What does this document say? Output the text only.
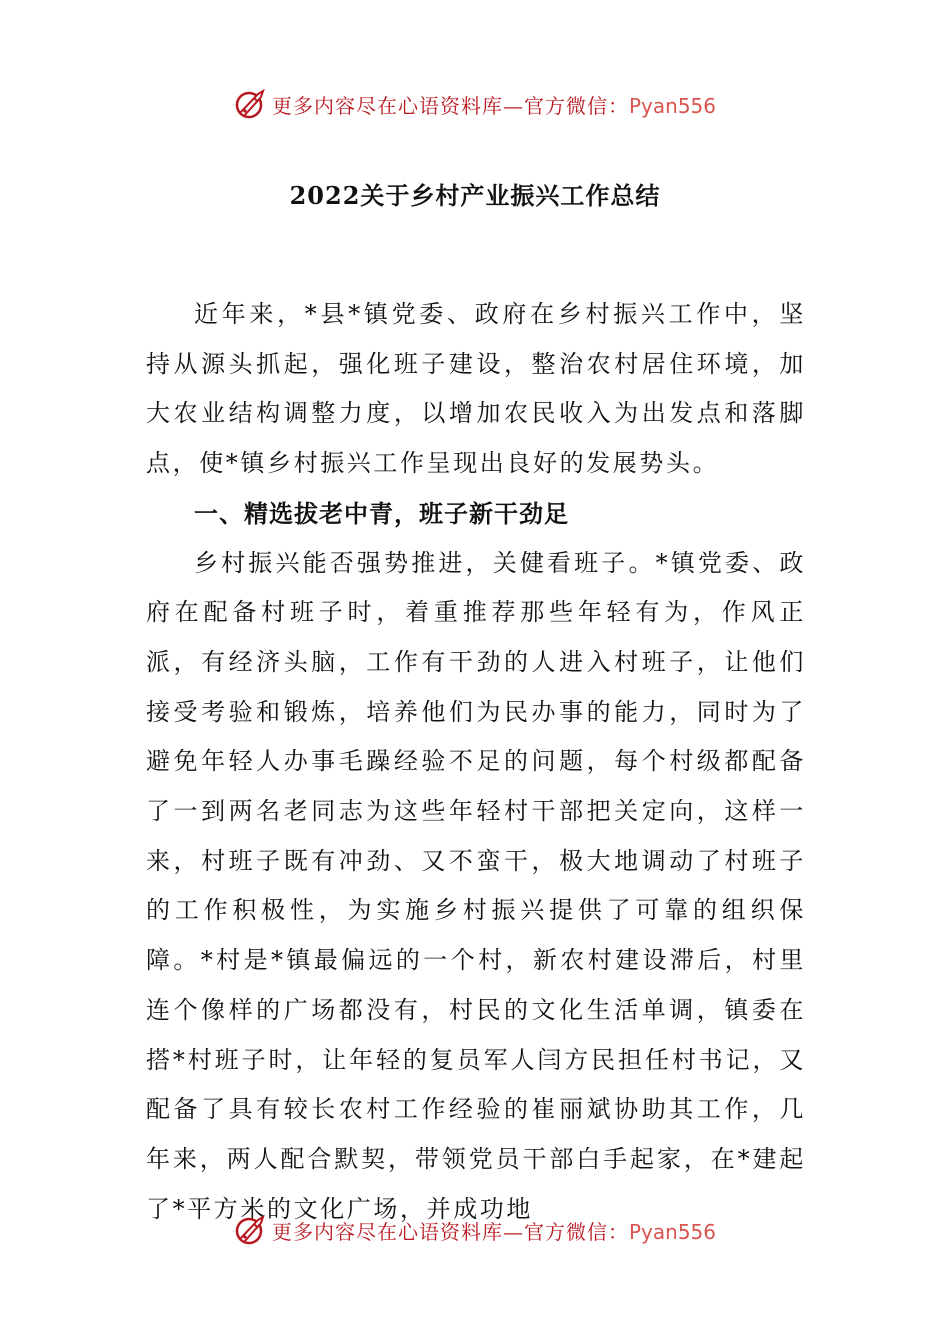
更多内容尽在心语资料库—官方微信：Pyan556
2022关于乡村产业振兴工作总结

近年来，*县*镇党委、政府在乡村振兴工作中，坚持从源头抓起，强化班子建设，整治农村居住环境，加大农业结构调整力度，以增加农民收入为出发点和落脚点，使*镇乡村振兴工作呈现出良好的发展势头。

一、精选拔老中青，班子新干劲足

乡村振兴能否强势推进，关健看班子。*镇党委、政府在配备村班子时，着重推荐那些年轻有为，作风正派，有经济头脑，工作有干劲的人进入村班子，让他们接受考验和锻炼，培养他们为民办事的能力，同时为了避免年轻人办事毛躁经验不足的问题，每个村级都配备了一到两名老同志为这些年轻村干部把关定向，这样一来，村班子既有冲劲、又不蛮干，极大地调动了村班子的工作积极性，为实施乡村振兴提供了可靠的组织保障。*村是*镇最偏远的一个村，新农村建设滞后，村里连个像样的广场都没有，村民的文化生活单调，镇委在搭*村班子时，让年轻的复员军人闫方民担任村书记，又配备了具有较长农村工作经验的崔丽斌协助其工作，几年来，两人配合默契，带领党员干部白手起家，在*建起了*平方米的文化广场，并成功地

更多内容尽在心语资料库—官方微信：Pyan556
